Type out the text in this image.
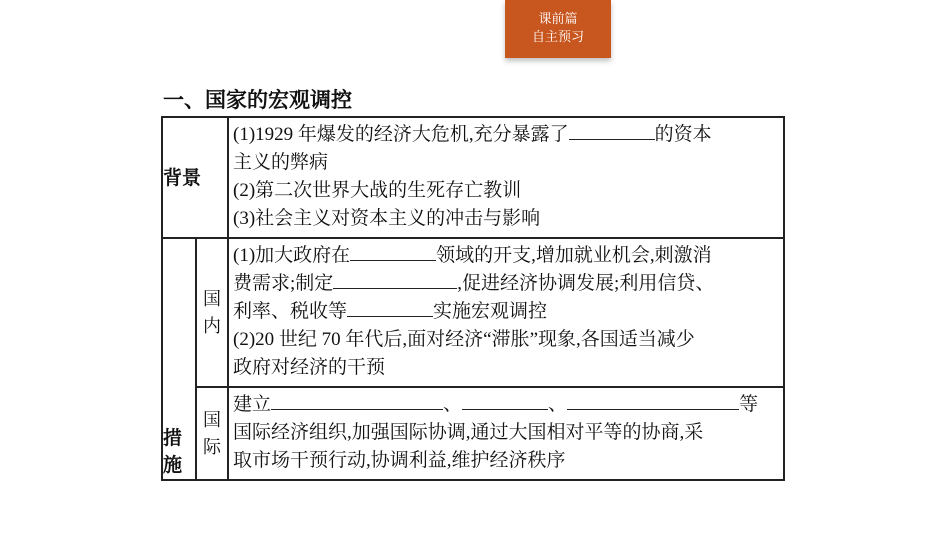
课前篇
自主预习
一、国家的宏观调控
背景		(1)1929 年爆发的经济大危机,充分暴露了 的资本
主义的弊病
(2)第二次世界大战的生死存亡教训
(3)社会主义对资本主义的冲击与影响

措施	国内	(1)加大政府在 领域的开支,增加就业机会,刺激消
费需求;制定 ,促进经济协调发展;利用信贷、
利率、税收等 实施宏观调控
(2)20 世纪 70 年代后,面对经济“滞胀”现象,各国适当减少
政府对经济的干预

	国际	建立 、 、 等
国际经济组织,加强国际协调,通过大国相对平等的协商,采
取市场干预行动,协调利益,维护经济秩序
